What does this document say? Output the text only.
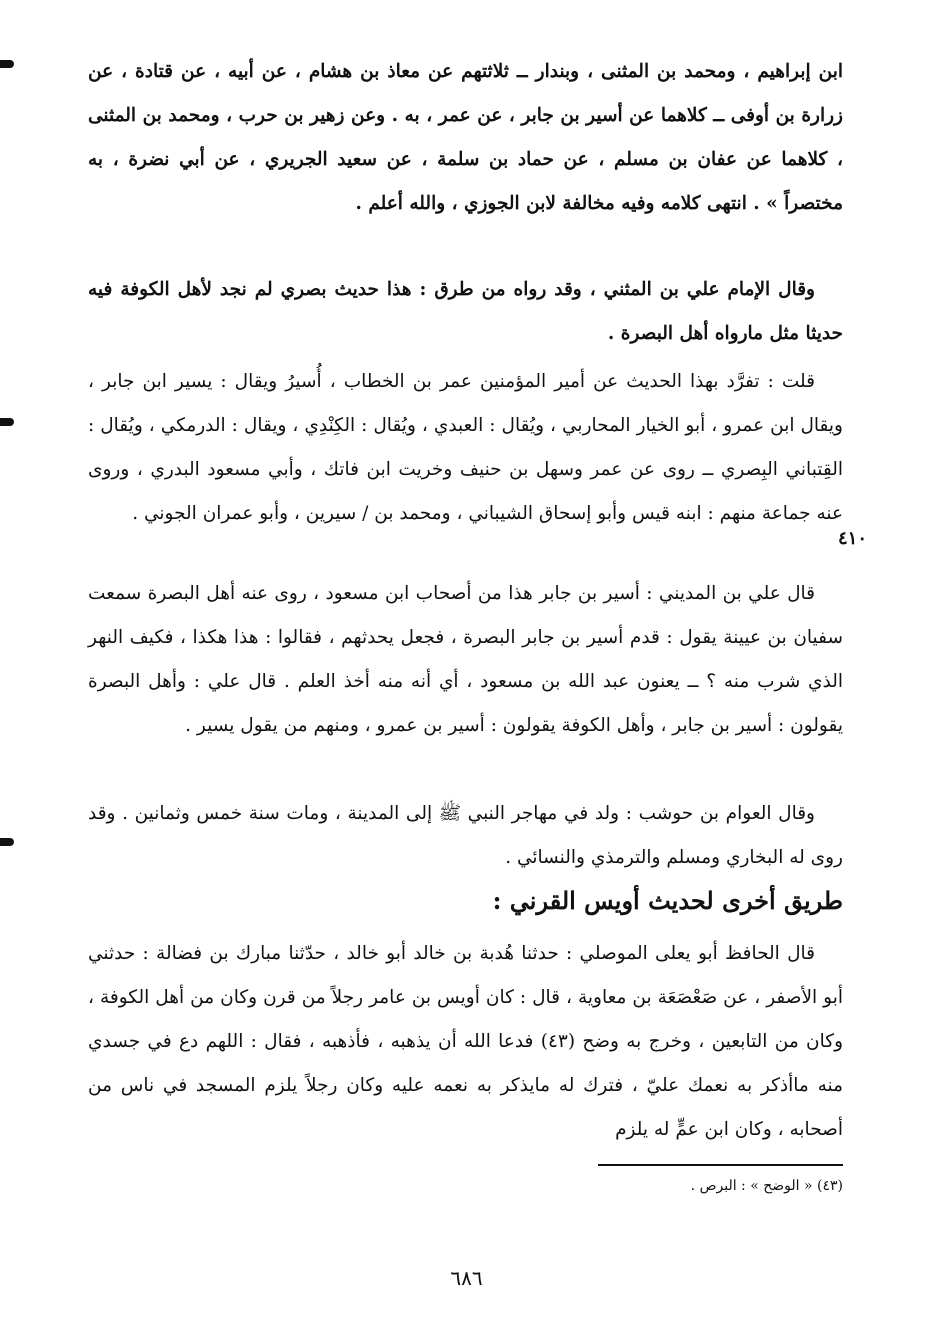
ابن إبراهيم ، ومحمد بن المثنى ، وبندار ــ ثلاثتهم عن معاذ بن هشام ، عن أبيه ، عن قتادة ، عن زرارة بن أوفى ــ كلاهما عن أسير بن جابر ، عن عمر ، به . وعن زهير بن حرب ، ومحمد بن المثنى ، كلاهما عن عفان بن مسلم ، عن حماد بن سلمة ، عن سعيد الجريري ، عن أبي نضرة ، به مختصراً » . انتهى كلامه وفيه مخالفة لابن الجوزي ، والله أعلم .

وقال الإمام علي بن المثني ، وقد رواه من طرق : هذا حديث بصري لم نجد لأهل الكوفة فيه حديثا مثل مارواه أهل البصرة .

قلت : تفرَّد بهذا الحديث عن أمير المؤمنين عمر بن الخطاب ، أُسيرُ ويقال : يسير ابن جابر ، ويقال ابن عمرو ، أبو الخيار المحاربي ، ويُقال : العبدي ، ويُقال : الكِنْدِي ، ويقال : الدرمكي ، ويُقال : القِتباني البِصري ــ روى عن عمر وسهل بن حنيف وخريت ابن فاتك ، وأبي مسعود البدري ، وروى عنه جماعة منهم : ابنه قيس وأبو إسحاق الشيباني ، ومحمد بن / سيرين ، وأبو عمران الجوني .

٤١٠

قال علي بن المديني : أسير بن جابر هذا من أصحاب ابن مسعود ، روى عنه أهل البصرة سمعت سفيان بن عيينة يقول : قدم أسير بن جابر البصرة ، فجعل يحدثهم ، فقالوا : هذا هكذا ، فكيف النهر الذي شرب منه ؟ ــ يعنون عبد الله بن مسعود ، أي أنه منه أخذ العلم . قال علي : وأهل البصرة يقولون : أسير بن جابر ، وأهل الكوفة يقولون : أسير بن عمرو ، ومنهم من يقول يسير .

وقال العوام بن حوشب : ولد في مهاجر النبي ﷺ إلى المدينة ، ومات سنة خمس وثمانين . وقد روى له البخاري ومسلم والترمذي والنسائي .

طريق أخرى لحديث أويس القرني :

قال الحافظ أبو يعلى الموصلي : حدثنا هُدبة بن خالد أبو خالد ، حدّثنا مبارك بن فضالة : حدثني أبو الأصفر ، عن صَعْصَعَة بن معاوية ، قال : كان أويس بن عامر رجلاً من قرن وكان من أهل الكوفة ، وكان من التابعين ، وخرج به وضح (٤٣) فدعا الله أن يذهبه ، فأذهبه ، فقال : اللهم دع في جسدي منه ماأذكر به نعمك عليّ ، فترك له مايذكر به نعمه عليه وكان رجلاً يلزم المسجد في ناس من أصحابه ، وكان ابن عمٍّ له يلزم

(٤٣) « الوضح » : البرص .
٦٨٦
